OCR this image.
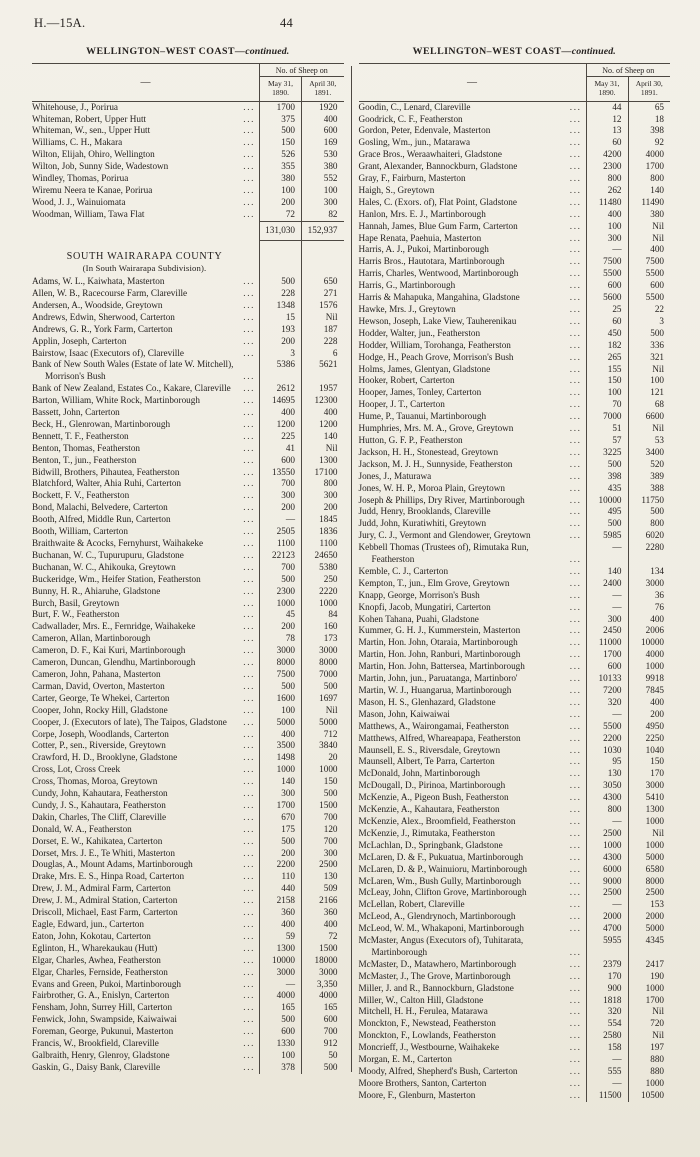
H.—15A.	44
WELLINGTON–WEST COAST—continued.
—	No. of Sheep on	
	May 31,
1890.	April 30,
1891.

Whitehouse, J., Porirua ...	1700	1920

Whiteman, Robert, Upper Hutt ...	375	400

Whiteman, W., sen., Upper Hutt ...	500	600

Williams, C. H., Makara ...	150	169

Wilton, Elijah, Ohiro, Wellington ...	526	530

Wilton, Job, Sunny Side, Wadestown ...	355	380

Windley, Thomas, Porirua ...	380	552

Wiremu Neera te Kanae, Porirua ...	100	100

Wood, J. J., Wainuiomata ...	200	300

Woodman, William, Tawa Flat ...	72	82
	131,030	152,937
SOUTH WAIRARAPA COUNTY		
(In South Wairarapa Subdivision).		

Adams, W. L., Kaiwhata, Masterton ...	500	650

Allen, W. B., Racecourse Farm, Clareville ...	228	271

Andersen, A., Woodside, Greytown ...	1348	1576

Andrews, Edwin, Sherwood, Carterton ...	15	Nil

Andrews, G. R., York Farm, Carterton ...	193	187

Applin, Joseph, Carterton ...	200	228

Bairstow, Isaac (Executors of), Clareville ...	3	6

Bank of New South Wales (Estate of late W. Mitchell), Morrison's Bush ...	5386	5621

Bank of New Zealand, Estates Co., Kakare, Clareville ...	2612	1957

Barton, William, White Rock, Martinborough ...	14695	12300

Bassett, John, Carterton ...	400	400

Beck, H., Glenrowan, Martinborough ...	1200	1200

Bennett, T. F., Featherston ...	225	140

Benton, Thomas, Featherston ...	41	Nil

Benton, T., jun., Featherston ...	600	1300

Bidwill, Brothers, Pihautea, Featherston ...	13550	17100

Blatchford, Walter, Ahia Ruhi, Carterton ...	700	800

Bockett, F. V., Featherston ...	300	300

Bond, Malachi, Belvedere, Carterton ...	200	200

Booth, Alfred, Middle Run, Carterton ...	—	1845

Booth, William, Carterton ...	2505	1836

Braithwaite & Acocks, Fernyhurst, Waihakeke ...	1100	1100

Buchanan, W. C., Tupurupuru, Gladstone ...	22123	24650

Buchanan, W. C., Ahikouka, Greytown ...	700	5380

Buckeridge, Wm., Heifer Station, Featherston ...	500	250

Bunny, H. R., Ahiaruhe, Gladstone ...	2300	2220

Burch, Basil, Greytown ...	1000	1000

Burt, F. W., Featherston ...	45	84

Cadwallader, Mrs. E., Fernridge, Waihakeke ...	200	160

Cameron, Allan, Martinborough ...	78	173

Cameron, D. F., Kai Kuri, Martinborough ...	3000	3000

Cameron, Duncan, Glendhu, Martinborough ...	8000	8000

Cameron, John, Pahana, Masterton ...	7500	7000

Carman, David, Overton, Masterton ...	500	500

Carter, George, Te Whekei, Carterton ...	1600	1697

Cooper, John, Rocky Hill, Gladstone ...	100	Nil

Cooper, J. (Executors of late), The Taipos, Gladstone ...	5000	5000

Corpe, Joseph, Woodlands, Carterton ...	400	712

Cotter, P., sen., Riverside, Greytown ...	3500	3840

Crawford, H. D., Brooklyne, Gladstone ...	1498	20

Cross, Lot, Cross Creek ...	1000	1000

Cross, Thomas, Moroa, Greytown ...	140	150

Cundy, John, Kahautara, Featherston ...	300	500

Cundy, J. S., Kahautara, Featherston ...	1700	1500

Dakin, Charles, The Cliff, Clareville ...	670	700

Donald, W. A., Featherston ...	175	120

Dorset, E. W., Kahikatea, Carterton ...	500	700

Dorset, Mrs. J. E., Te Whiti, Masterton ...	200	300

Douglas, A., Mount Adams, Martinborough ...	2200	2500

Drake, Mrs. E. S., Hinpa Road, Carterton ...	110	130

Drew, J. M., Admiral Farm, Carterton ...	440	509

Drew, J. M., Admiral Station, Carterton ...	2158	2166

Driscoll, Michael, East Farm, Carterton ...	360	360

Eagle, Edward, jun., Carterton ...	400	400

Eaton, John, Kokotau, Carterton ...	59	72

Eglinton, H., Wharekaukau (Hutt) ...	1300	1500

Elgar, Charles, Awhea, Featherston ...	10000	18000

Elgar, Charles, Fernside, Featherston ...	3000	3000

Evans and Green, Pukoi, Martinborough ...	—	3,350

Fairbrother, G. A., Enislyn, Carterton ...	4000	4000

Fensham, John, Surrey Hill, Carterton ...	165	165

Fenwick, John, Swampside, Kaiwaiwai ...	500	600

Foreman, George, Pukunui, Masterton ...	600	700

Francis, W., Brookfield, Clareville ...	1330	912

Galbraith, Henry, Glenroy, Gladstone ...	100	50

Gaskin, G., Daisy Bank, Clareville ...	378	500
WELLINGTON–WEST COAST—continued.
—	No. of Sheep on	
	May 31,
1890.	April 30,
1891.

Goodin, C., Lenard, Clareville ...	44	65

Goodrick, C. F., Featherston ...	12	18

Gordon, Peter, Edenvale, Masterton ...	13	398

Gosling, Wm., jun., Matarawa ...	60	92

Grace Bros., Weraawhaiteri, Gladstone ...	4200	4000

Grant, Alexander, Bannockburn, Gladstone ...	2300	1700

Gray, F., Fairburn, Masterton ...	800	800

Haigh, S., Greytown ...	262	140

Hales, C. (Exors. of), Flat Point, Gladstone ...	11480	11490

Hanlon, Mrs. E. J., Martinborough ...	400	380

Hannah, James, Blue Gum Farm, Carterton ...	100	Nil

Hape Renata, Paehuia, Masterton ...	300	Nil

Harris, A. J., Pukoi, Martinborough ...	—	400

Harris Bros., Hautotara, Martinborough ...	7500	7500

Harris, Charles, Wentwood, Martinborough ...	5500	5500

Harris, G., Martinborough ...	600	600

Harris & Mahapuka, Mangahina, Gladstone ...	5600	5500

Hawke, Mrs. J., Greytown ...	25	22

Hewson, Joseph, Lake View, Tauherenikau ...	60	3

Hodder, Walter, jun., Featherston ...	450	500

Hodder, William, Torohanga, Featherston ...	182	336

Hodge, H., Peach Grove, Morrison's Bush ...	265	321

Holms, James, Glentyan, Gladstone ...	155	Nil

Hooker, Robert, Carterton ...	150	100

Hooper, James, Tonley, Carterton ...	100	121

Hooper, J. T., Carterton ...	70	68

Hume, P., Tauanui, Martinborough ...	7000	6600

Humphries, Mrs. M. A., Grove, Greytown ...	51	Nil

Hutton, G. F. P., Featherston ...	57	53

Jackson, H. H., Stonestead, Greytown ...	3225	3400

Jackson, M. J. H., Sunnyside, Featherston ...	500	520

Jones, J., Maturawa ...	398	389

Jones, W. H. P., Moroa Plain, Greytown ...	435	388

Joseph & Phillips, Dry River, Martinborough ...	10000	11750

Judd, Henry, Brooklands, Clareville ...	495	500

Judd, John, Kuratiwhiti, Greytown ...	500	800

Jury, C. J., Vermont and Glendower, Greytown ...	5985	6020

Kebbell Thomas (Trustees of), Rimutaka Run, Featherston ...	—	2280

Kemble, C. J., Carterton ...	140	134

Kempton, T., jun., Elm Grove, Greytown ...	2400	3000

Knapp, George, Morrison's Bush ...	—	36

Knopfi, Jacob, Mungatiri, Carterton ...	—	76

Kohen Tahana, Puahi, Gladstone ...	300	400

Kummer, G. H. J., Kummerstein, Masterton ...	2450	2006

Martin, Hon. John, Otaraia, Martinborough ...	11000	10000

Martin, Hon. John, Ranburi, Martinborough ...	1700	4000

Martin, Hon. John, Battersea, Martinborough ...	600	1000

Martin, John, jun., Paruatanga, Martinboro' ...	10133	9918

Martin, W. J., Huangarua, Martinborough ...	7200	7845

Mason, H. S., Glenhazard, Gladstone ...	320	400

Mason, John, Kaiwaiwai ...	—	200

Matthews, A., Wairongamai, Featherston ...	5500	4950

Matthews, Alfred, Whareapapa, Featherston ...	2200	2250

Maunsell, E. S., Riversdale, Greytown ...	1030	1040

Maunsell, Albert, Te Parra, Carterton ...	95	150

McDonald, John, Martinborough ...	130	170

McDougall, D., Pirinoa, Martinborough ...	3050	3000

McKenzie, A., Pigeon Bush, Featherston ...	4300	5410

McKenzie, A., Kahautara, Featherston ...	800	1300

McKenzie, Alex., Broomfield, Featherston ...	—	1000

McKenzie, J., Rimutaka, Featherston ...	2500	Nil

McLachlan, D., Springbank, Gladstone ...	1000	1000

McLaren, D. & F., Pukuatua, Martinborough ...	4300	5000

McLaren, D. & P., Wainuioru, Martinborough ...	6000	6580

McLaren, Wm., Bush Gully, Martinborough ...	9000	8000

McLeay, John, Clifton Grove, Martinborough ...	2500	2500

McLellan, Robert, Clareville ...	—	153

McLeod, A., Glendrynoch, Martinborough ...	2000	2000

McLeod, W. M., Whakaponi, Martinborough ...	4700	5000

McMaster, Angus (Executors of), Tuhitarata, Martinborough ...	5955	4345

McMaster, D., Matawhero, Martinborough ...	2379	2417

McMaster, J., The Grove, Martinborough ...	170	190

Miller, J. and R., Bannockburn, Gladstone ...	900	1000

Miller, W., Calton Hill, Gladstone ...	1818	1700

Mitchell, H. H., Ferulea, Matarawa ...	320	Nil

Monckton, F., Newstead, Featherston ...	554	720

Monckton, F., Lowlands, Featherston ...	2580	Nil

Moncrieff, J., Westbourne, Waihakeke ...	158	197

Morgan, E. M., Carterton ...	—	880

Moody, Alfred, Shepherd's Bush, Carterton ...	555	880

Moore Brothers, Santon, Carterton ...	—	1000

Moore, F., Glenburn, Masterton ...	11500	10500
